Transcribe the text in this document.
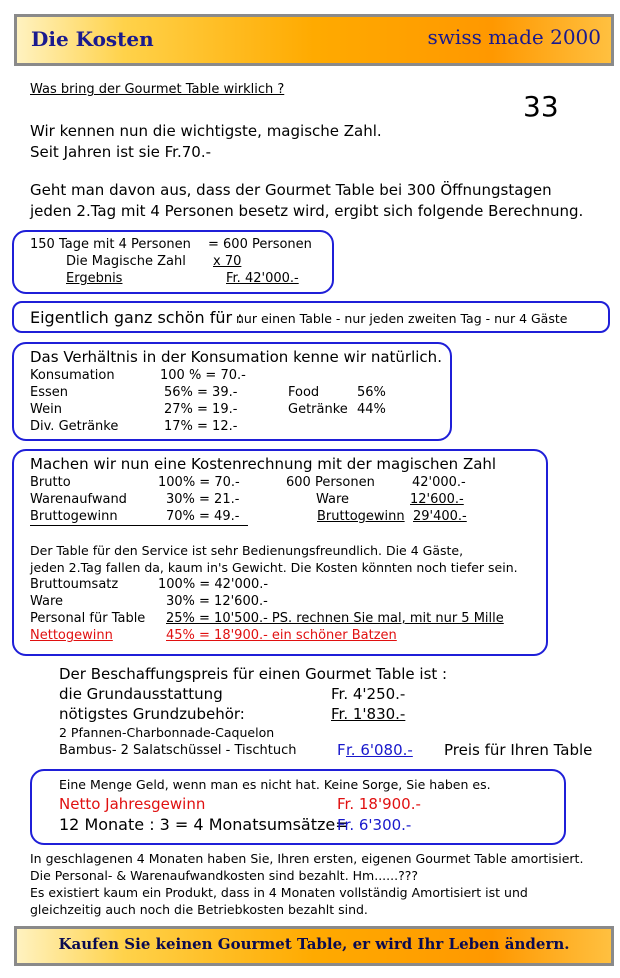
Die Kosten	swiss made 2000
Was bring der Gourmet Table wirklich ?
33
Wir kennen nun die wichtigste, magische Zahl.
Seit Jahren ist sie Fr.70.-
Geht man davon aus, dass der Gourmet Table bei 300 Öffnungstagen
jeden 2.Tag mit 4 Personen besetz wird, ergibt sich folgende Berechnung.
150 Tage mit 4 Personen = 600 Personen
Die Magische Zahl x 70
Ergebnis	Fr. 42'000.-
Eigentlich ganz schön für :
nur einen Table - nur jeden zweiten Tag - nur 4 Gäste
Das Verhältnis in der Konsumation kenne wir natürlich.
Konsumation	100 % = 70.-
Essen	56% = 39.-	Food	56%
Wein	27% = 19.-	Getränke 44%
Div. Getränke	17% = 12.-
Machen wir nun eine Kostenrechnung mit der magischen Zahl
Brutto	100% = 70.-	600 Personen	42'000.-
Warenaufwand	30% = 21.-	Ware	12'600.-
Bruttogewinn	70% = 49.-	Bruttogewinn 29'400.-
Der Table für den Service ist sehr Bedienungsfreundlich. Die 4 Gäste,
jeden 2.Tag fallen da, kaum in's Gewicht. Die Kosten könnten noch tiefer sein.
Bruttoumsatz	100% = 42'000.-
Ware	30% = 12'600.-
Personal für Table 25% = 10'500.- PS. rechnen Sie mal, mit nur 5 Mille
Nettogewinn	45% = 18'900.- ein schöner Batzen
Der Beschaffungspreis für einen Gourmet Table ist :
die Grundausstattung	Fr. 4'250.-
nötigstes Grundzubehör:	Fr. 1'830.-
2 Pfannen-Charbonnade-Caquelon
Bambus- 2 Salatschüssel - Tischtuch	F r. 6'080.- Preis für Ihren Table
Eine Menge Geld, wenn man es nicht hat. Keine Sorge, Sie haben es.
Netto Jahresgewinn	Fr. 18'900.-
12 Monate : 3 = 4 Monatsumsätze=
Fr. 6'300.-
In geschlagenen 4 Monaten haben Sie, Ihren ersten, eigenen Gourmet Table amortisiert.
Die Personal- & Warenaufwandkosten sind bezahlt. Hm......???
Es existiert kaum ein Produkt, dass in 4 Monaten vollständig Amortisiert ist und
gleichzeitig auch noch die Betriebkosten bezahlt sind.
Kaufen Sie keinen Gourmet Table, er wird Ihr Leben ändern.
